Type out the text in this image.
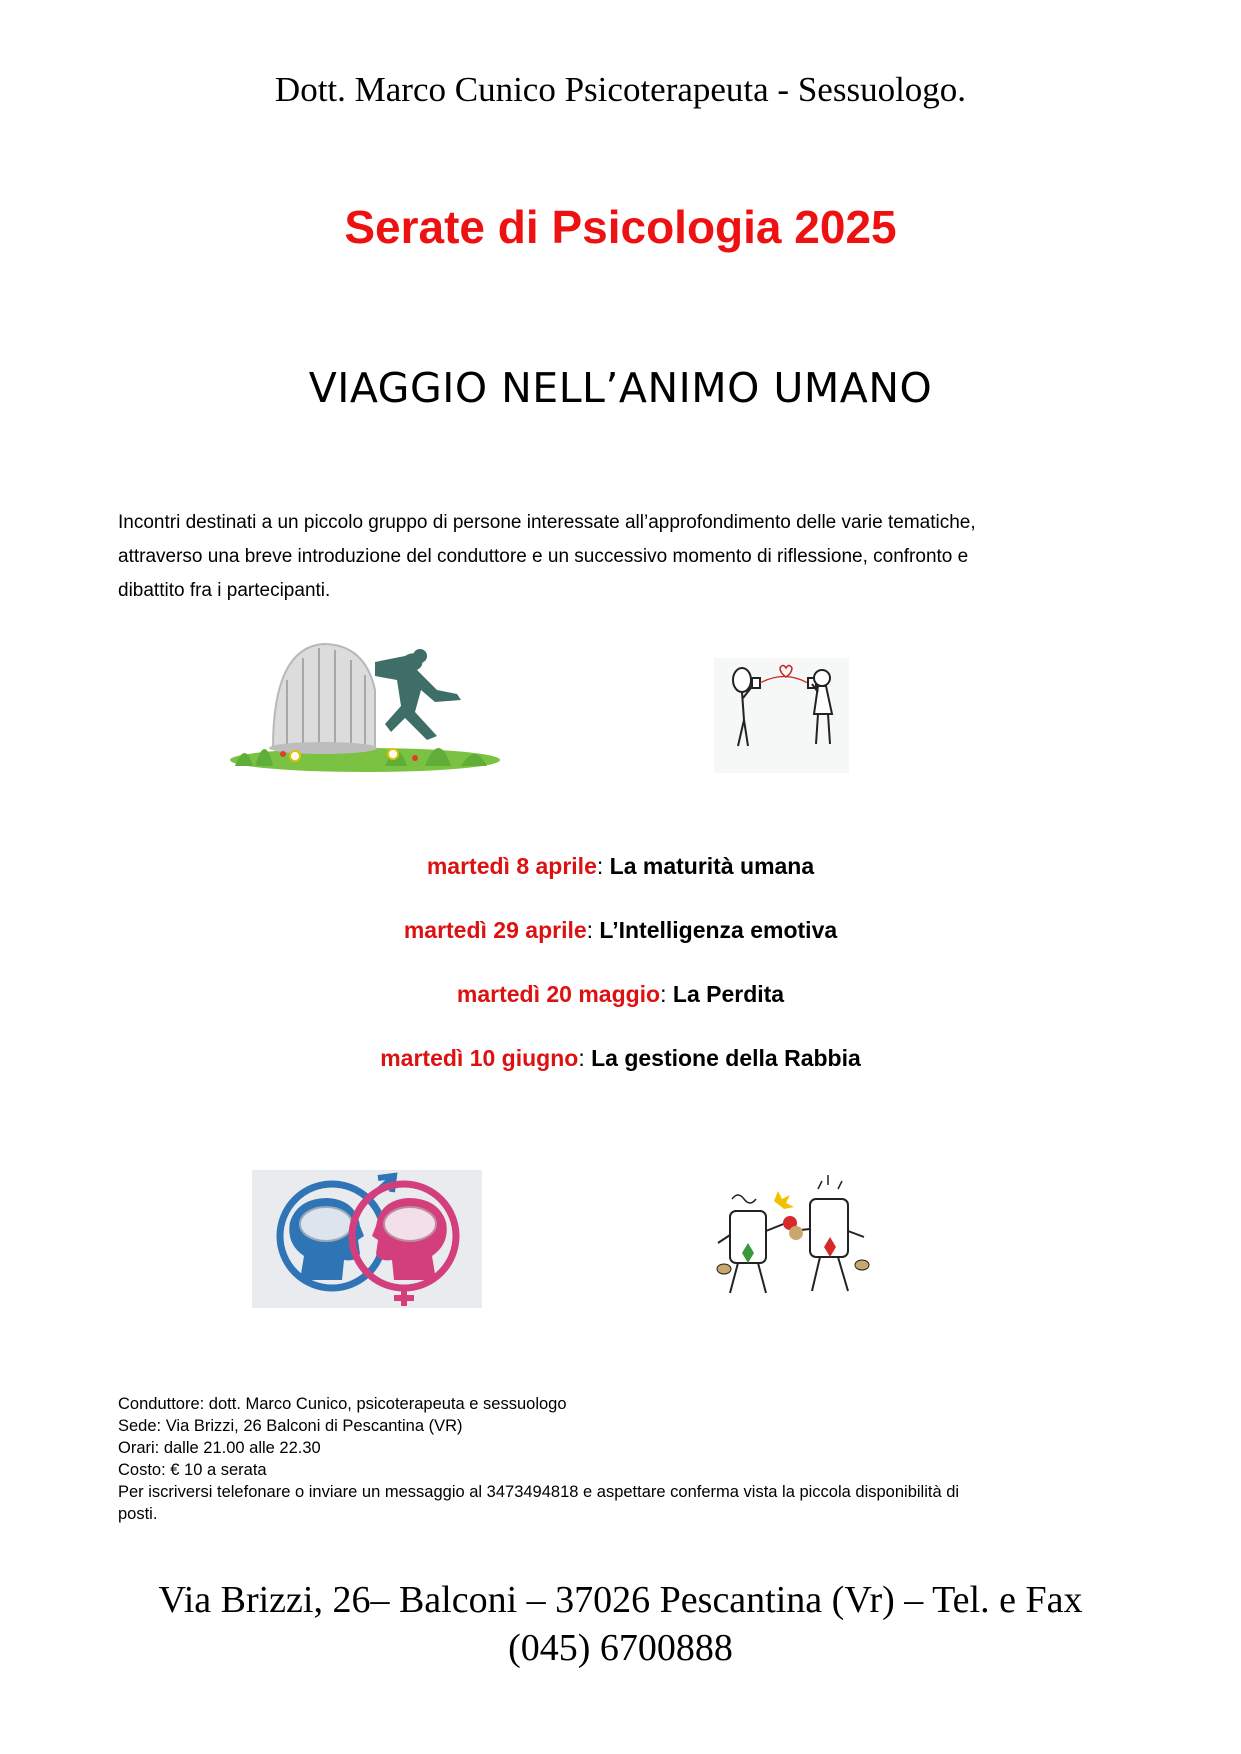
Dott. Marco Cunico Psicoterapeuta - Sessuologo.
Serate di Psicologia 2025
VIAGGIO NELL’ANIMO UMANO
Incontri destinati a un piccolo gruppo di persone interessate all’approfondimento delle varie tematiche,
attraverso una breve introduzione del conduttore e un successivo momento di riflessione, confronto e
dibattito fra i partecipanti.
martedì 8 aprile: La maturità umana
martedì 29 aprile: L’Intelligenza emotiva
martedì 20 maggio: La Perdita
martedì 10 giugno: La gestione della Rabbia
Conduttore: dott. Marco Cunico, psicoterapeuta e sessuologo
Sede: Via Brizzi, 26 Balconi di Pescantina (VR)
Orari: dalle 21.00 alle 22.30
Costo: € 10 a serata
Per iscriversi telefonare o inviare un messaggio al 3473494818 e aspettare conferma vista la piccola disponibilità di
posti.
Via Brizzi, 26– Balconi – 37026 Pescantina (Vr) – Tel. e Fax
(045) 6700888
